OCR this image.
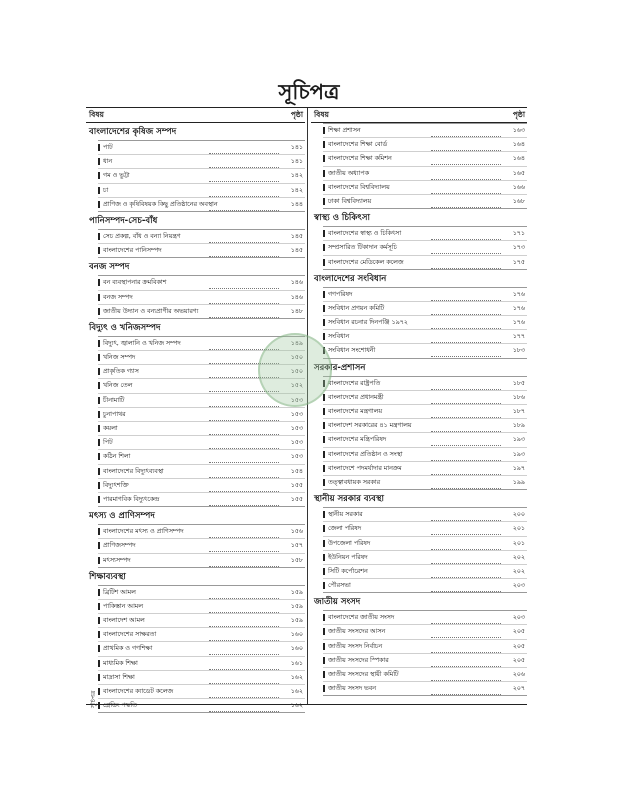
সূচিপত্র
বিষয়	পৃষ্ঠা
বাংলাদেশের কৃষিজ সম্পদ
পাট	১৪১
ধান	১৪১
গম ও ভুট্টা	১৪২
চা	১৪২
প্রাণিজ ও কৃষিবিষয়ক কিছু প্রতিষ্ঠানের অবস্থান	১৪৪
পানিসম্পদ-সেচ-বাঁধ
সেচ প্রকল্প, বাঁধ ও বন্যা নিয়ন্ত্রণ	১৪৫
বাংলাদেশের পানিসম্পদ	১৪৫
বনজ সম্পদ
বন ব্যবস্থাপনার ক্রমবিকাশ	১৪৬
বনজ সম্পদ	১৪৬
জাতীয় উদ্যান ও বন্যপ্রাণীর অভয়ারণ্য	১৪৮
বিদ্যুৎ ও খনিজসম্পদ
বিদ্যুৎ, জ্বালানি ও খনিজ সম্পদ	১৪৯
খনিজ সম্পদ	১৫০
প্রাকৃতিক গ্যাস	১৫০
খনিজ তেল	১৫২
চীনামাটি	১৫৩
চুনাপাথর	১৫৩
কয়লা	১৫৩
পিট	১৫৩
কঠিন শিলা	১৫৩
বাংলাদেশের বিদ্যুৎব্যবস্থা	১৫৪
বিদ্যুৎশক্তি	১৫৫
পারমাণবিক বিদ্যুৎকেন্দ্র	১৫৫
মৎস্য ও প্রাণিসম্পদ
বাংলাদেশের মৎস্য ও প্রাণিসম্পদ	১৫৬
প্রাণিজসম্পদ	১৫৭
মৎস্যসম্পদ	১৫৮
শিক্ষাব্যবস্থা
ব্রিটিশ আমল	১৫৯
পাকিস্তান আমল	১৫৯
বাংলাদেশ আমল	১৫৯
বাংলাদেশের সাক্ষরতা	১৬০
প্রাথমিক ও গণশিক্ষা	১৬০
মাধ্যমিক শিক্ষা	১৬১
মাদ্রাসা শিক্ষা	১৬২
বাংলাদেশের ক্যাডেট কলেজ	১৬২
গ্রেডিং পদ্ধতি	১৬২
বিষয়	পৃষ্ঠা
শিক্ষা প্রশাসন	১৬৩
বাংলাদেশের শিক্ষা বোর্ড	১৬৪
বাংলাদেশের শিক্ষা কমিশন	১৬৪
জাতীয় অধ্যাপক	১৬৫
বাংলাদেশের বিশ্ববিদ্যালয়	১৬৬
ঢাকা বিশ্ববিদ্যালয়	১৬৮
স্বাস্থ্য ও চিকিৎসা
বাংলাদেশের স্বাস্থ্য ও চিকিৎসা	১৭১
সম্প্রসারিত টিকাদান কর্মসূচি	১৭৩
বাংলাদেশের মেডিকেল কলেজ	১৭৫
বাংলাদেশের সংবিধান
গণপরিষদ	১৭৬
সংবিধান প্রণয়ন কমিটি	১৭৬
সংবিধান রচনার দিনপঞ্জি ১৯৭২	১৭৬
সংবিধান	১৭৭
সংবিধান সংশোধনী	১৮৩
সরকার-প্রশাসন
বাংলাদেশের রাষ্ট্রপতি	১৮৫
বাংলাদেশের প্রধানমন্ত্রী	১৮৬
বাংলাদেশের মন্ত্রণালয়	১৮৭
বাংলাদেশ সরকারের ৪১ মন্ত্রণালয়	১৮৯
বাংলাদেশের মন্ত্রিপরিষদ	১৯৩
বাংলাদেশের প্রতিষ্ঠান ও সংস্থা	১৯৩
বাংলাদেশে পদমর্যাদার মানক্রম	১৯৭
তত্ত্বাবধায়ক সরকার	১৯৯
স্থানীয় সরকার ব্যবস্থা
স্থানীয় সরকার	২০০
জেলা পরিষদ	২০১
উপজেলা পরিষদ	২০১
ইউনিয়ন পরিষদ	২০২
সিটি কর্পোরেশন	২০২
পৌরসভা	২০৩
জাতীয় সংসদ
বাংলাদেশের জাতীয় সংসদ	২০৩
জাতীয় সংসদের আসন	২০৫
জাতীয় সংসদ নির্বাচন	২০৫
জাতীয় সংসদের স্পিকার	২০৫
জাতীয় সংসদের স্থায়ী কমিটি	২০৬
জাতীয় সংসদ ভবন	২০৭
সূচিপত্র
